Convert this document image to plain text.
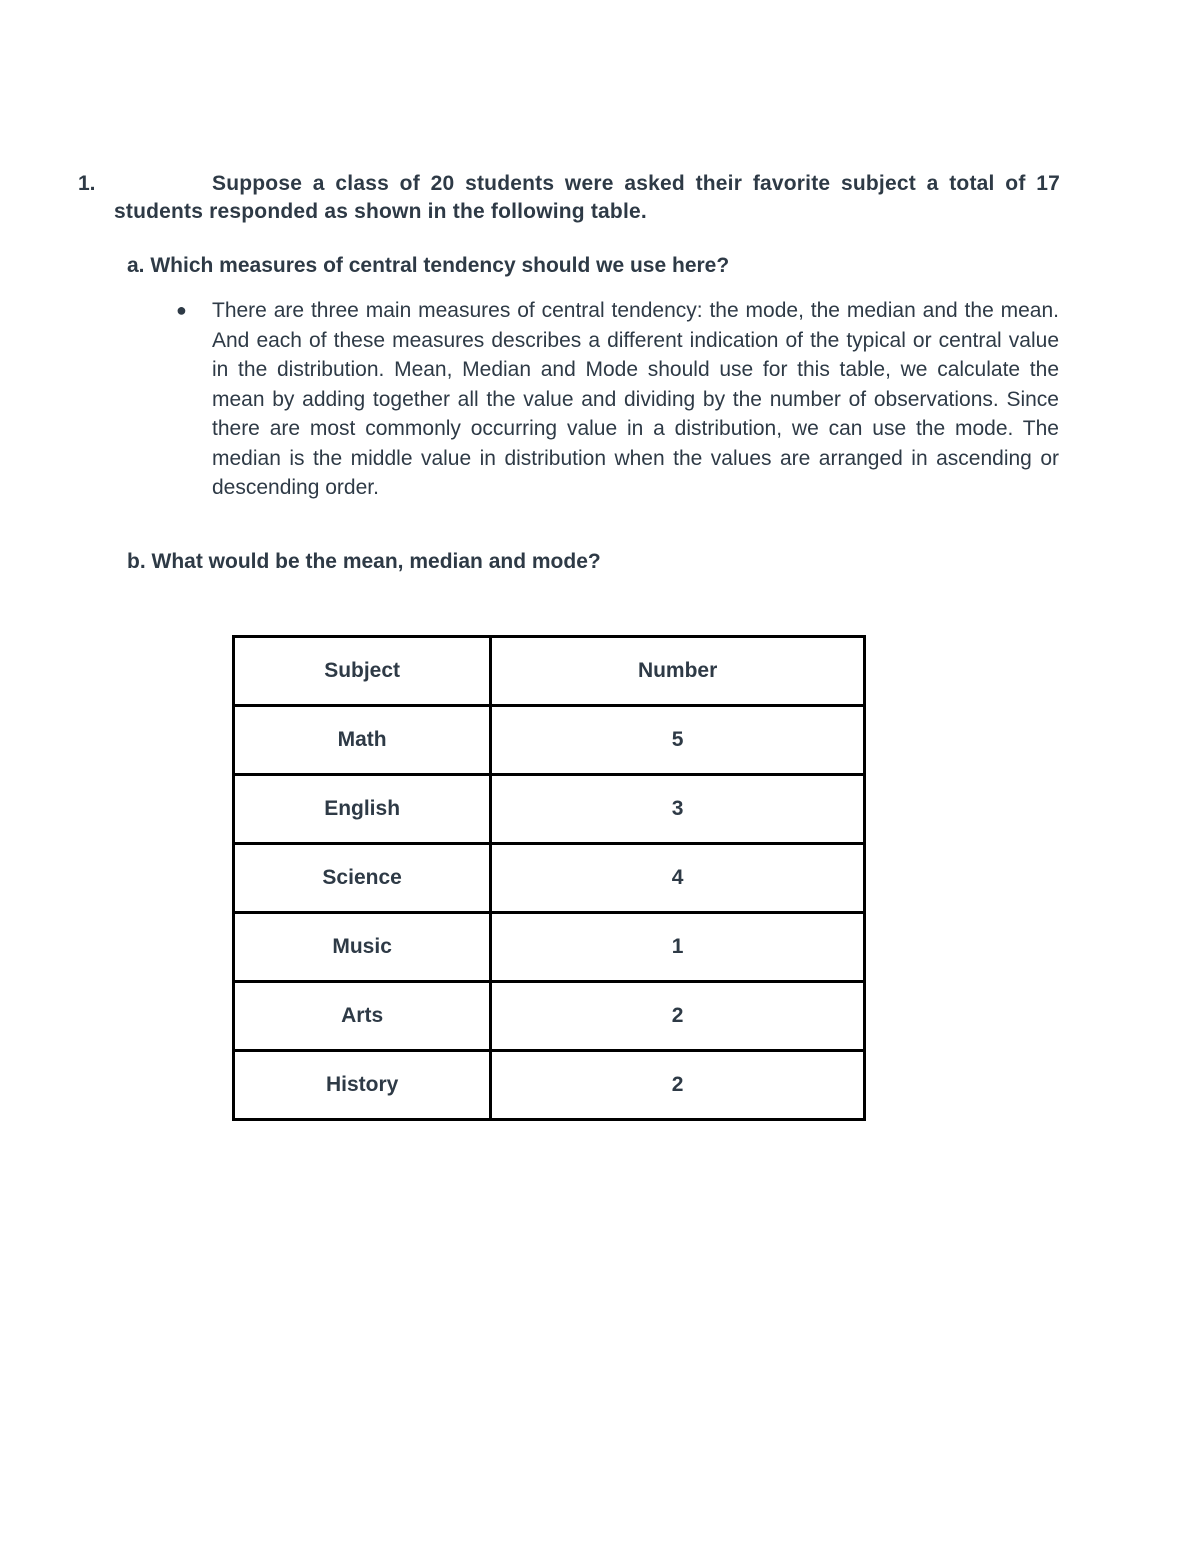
1.	Suppose a class of 20 students were asked their favorite subject a total of 17 students responded as shown in the following table.
a. Which measures of central tendency should we use here?
● There are three main measures of central tendency: the mode, the median and the mean. And each of these measures describes a different indication of the typical or central value in the distribution. Mean, Median and Mode should use for this table, we calculate the mean by adding together all the value and dividing by the number of observations. Since there are most commonly occurring value in a distribution, we can use the mode. The median is the middle value in distribution when the values are arranged in ascending or descending order.
b. What would be the mean, median and mode?
Subject	Number
Math	5
English	3
Science	4
Music	1
Arts	2
History	2
